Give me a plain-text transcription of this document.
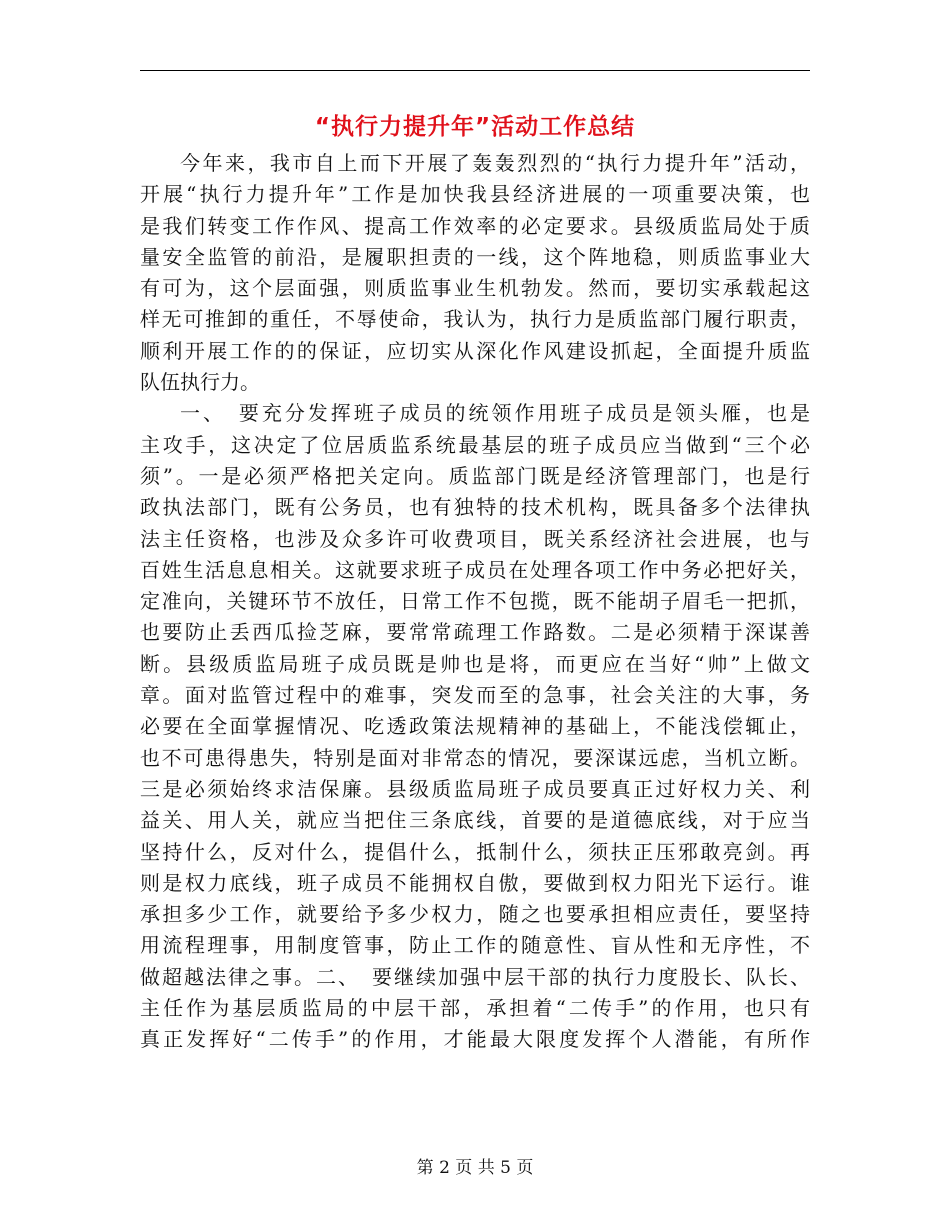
“执行力提升年”活动工作总结
今年来，我市自上而下开展了轰轰烈烈的“执行力提升年”活动，
开展“执行力提升年”工作是加快我县经济进展的一项重要决策，也
是我们转变工作作风、提高工作效率的必定要求。县级质监局处于质
量安全监管的前沿，是履职担责的一线，这个阵地稳，则质监事业大
有可为，这个层面强，则质监事业生机勃发。然而，要切实承载起这
样无可推卸的重任，不辱使命，我认为，执行力是质监部门履行职责，
顺利开展工作的的保证，应切实从深化作风建设抓起，全面提升质监
队伍执行力。
一、　要充分发挥班子成员的统领作用班子成员是领头雁，也是
主攻手，这决定了位居质监系统最基层的班子成员应当做到“三个必
须”。一是必须严格把关定向。质监部门既是经济管理部门，也是行
政执法部门，既有公务员，也有独特的技术机构，既具备多个法律执
法主任资格，也涉及众多许可收费项目，既关系经济社会进展，也与
百姓生活息息相关。这就要求班子成员在处理各项工作中务必把好关，
定准向，关键环节不放任，日常工作不包揽，既不能胡子眉毛一把抓，
也要防止丢西瓜捡芝麻，要常常疏理工作路数。二是必须精于深谋善
断。县级质监局班子成员既是帅也是将，而更应在当好“帅”上做文
章。面对监管过程中的难事，突发而至的急事，社会关注的大事，务
必要在全面掌握情况、吃透政策法规精神的基础上，不能浅偿辄止，
也不可患得患失，特别是面对非常态的情况，要深谋远虑，当机立断。
三是必须始终求洁保廉。县级质监局班子成员要真正过好权力关、利
益关、用人关，就应当把住三条底线，首要的是道德底线，对于应当
坚持什么，反对什么，提倡什么，抵制什么，须扶正压邪敢亮剑。再
则是权力底线，班子成员不能拥权自傲，要做到权力阳光下运行。谁
承担多少工作，就要给予多少权力，随之也要承担相应责任，要坚持
用流程理事，用制度管事，防止工作的随意性、盲从性和无序性，不
做超越法律之事。二、　要继续加强中层干部的执行力度股长、队长、
主任作为基层质监局的中层干部，承担着“二传手”的作用，也只有
真正发挥好“二传手”的作用，才能最大限度发挥个人潜能，有所作
第 2 页 共 5 页
